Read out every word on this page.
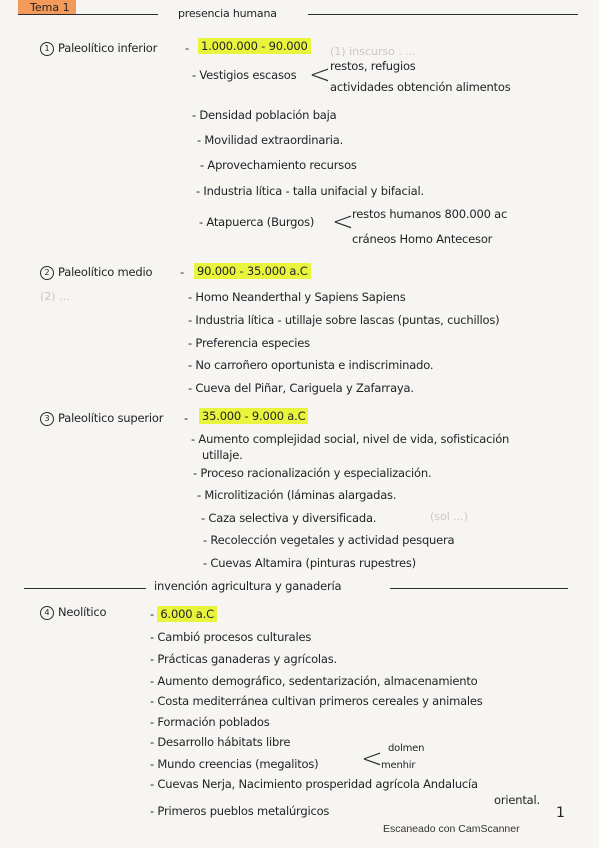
(1) inscurso . ...
(2) ...
(sol ...)
Tema 1	presencia humana
1 Paleolítico inferior - 1.000.000 - 90.000
- Vestigios escasos < restos, refugios
actividades obtención alimentos
- Densidad población baja
- Movilidad extraordinaria.
- Aprovechamiento recursos
- Industria lítica - talla unifacial y bifacial.
- Atapuerca (Burgos) <
restos humanos 800.000 ac
cráneos Homo Antecesor
2 Paleolítico medio - 90.000 - 35.000 a.C
- Homo Neanderthal y Sapiens Sapiens
- Industria lítica - utillaje sobre lascas (puntas, cuchillos)
- Preferencia especies
- No carroñero oportunista e indiscriminado.
- Cueva del Piñar, Cariguela y Zafarraya.
3 Paleolítico superior - 35.000 - 9.000 a.C
- Aumento complejidad social, nivel de vida, sofisticación
utillaje.
- Proceso racionalización y especialización.
- Microlitización (láminas alargadas.
- Caza selectiva y diversificada.
- Recolección vegetales y actividad pesquera
- Cuevas Altamira (pinturas rupestres)
invención agricultura y ganadería
4 Neolítico	- 6.000 a.C
- Cambió procesos culturales
- Prácticas ganaderas y agrícolas.
- Aumento demográfico, sedentarización, almacenamiento
- Costa mediterránea cultivan primeros cereales y animales
- Formación poblados
- Desarrollo hábitats libre
- Mundo creencias (megalitos) < dolmen
menhir
- Cuevas Nerja, Nacimiento prosperidad agrícola Andalucía
oriental.
- Primeros pueblos metalúrgicos	1
Escaneado con CamScanner
